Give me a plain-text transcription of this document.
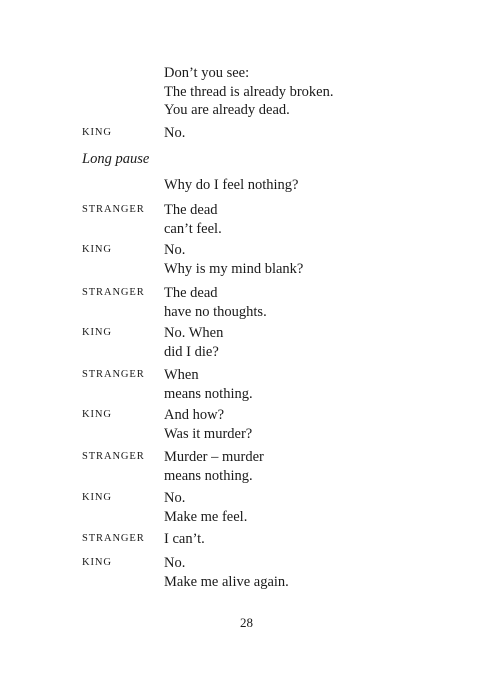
Don’t you see:
The thread is already broken.
You are already dead.
KING	No.
Long pause
Why do I feel nothing?
STRANGER The dead
can’t feel.
KING	No.
Why is my mind blank?
STRANGER The dead
have no thoughts.
KING	No. When
did I die?
STRANGER When
means nothing.
KING	And how?
Was it murder?
STRANGER Murder – murder
means nothing.
KING	No.
Make me feel.
STRANGER I can’t.
KING	No.
Make me alive again.
28
